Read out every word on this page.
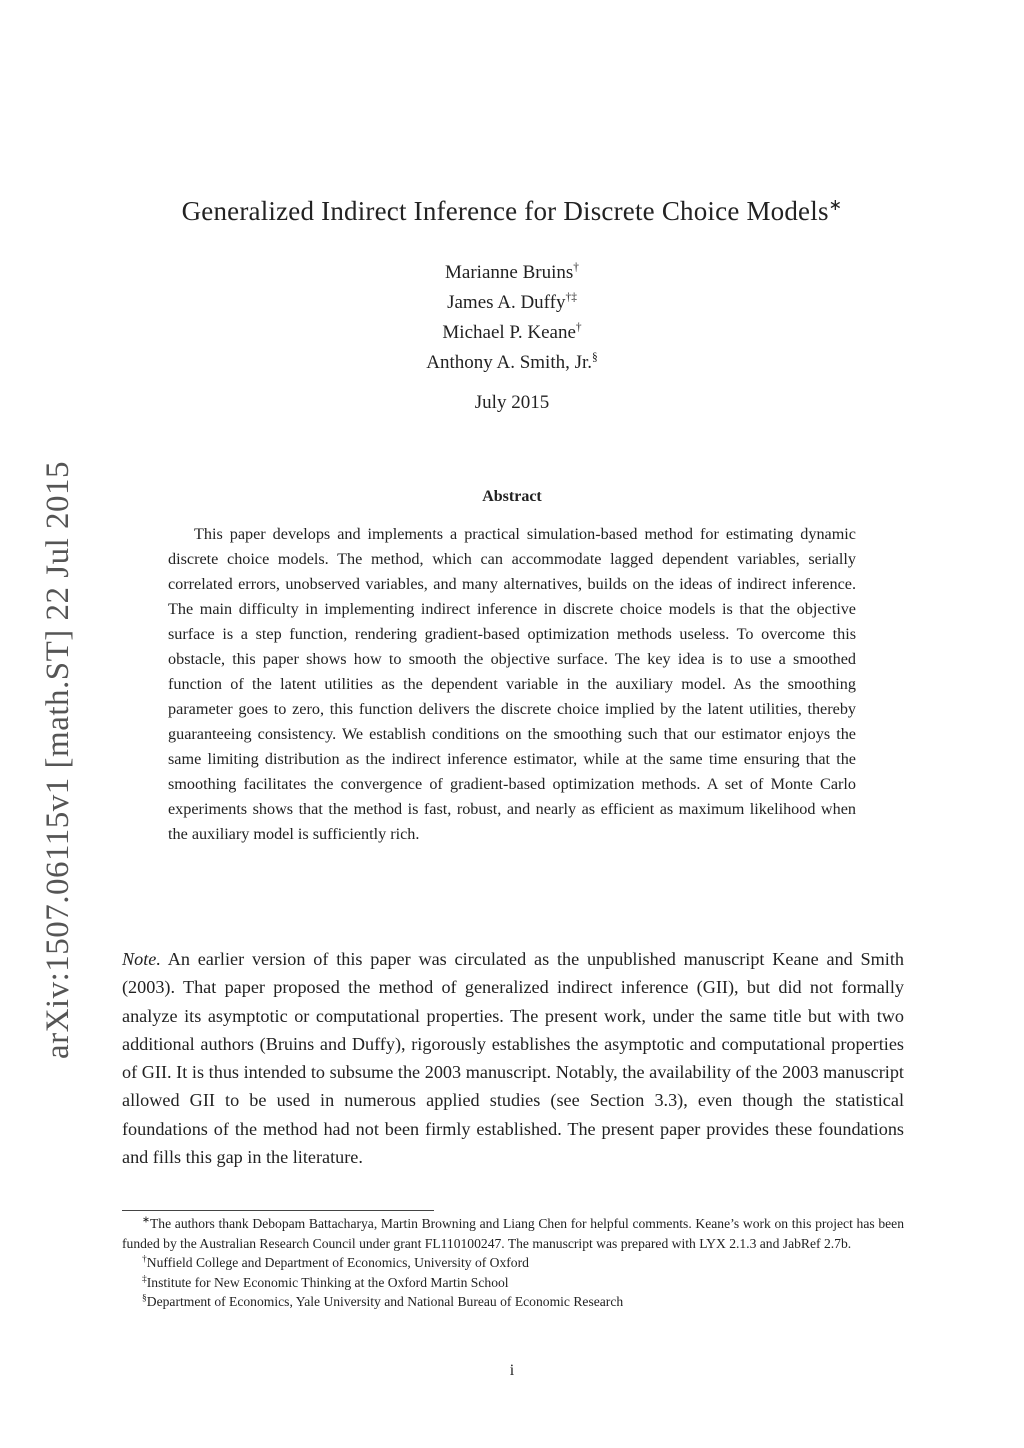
arXiv:1507.06115v1 [math.ST] 22 Jul 2015
Generalized Indirect Inference for Discrete Choice Models∗
Marianne Bruins†
James A. Duffy†‡
Michael P. Keane†
Anthony A. Smith, Jr.§
July 2015
Abstract

This paper develops and implements a practical simulation-based method for estimating dynamic discrete choice models. The method, which can accommodate lagged dependent variables, serially correlated errors, unobserved variables, and many alternatives, builds on the ideas of indirect inference. The main difficulty in implementing indirect inference in discrete choice models is that the objective surface is a step function, rendering gradient-based optimization methods useless. To overcome this obstacle, this paper shows how to smooth the objective surface. The key idea is to use a smoothed function of the latent utilities as the dependent variable in the auxiliary model. As the smoothing parameter goes to zero, this function delivers the discrete choice implied by the latent utilities, thereby guaranteeing consistency. We establish conditions on the smoothing such that our estimator enjoys the same limiting distribution as the indirect inference estimator, while at the same time ensuring that the smoothing facilitates the convergence of gradient-based optimization methods. A set of Monte Carlo experiments shows that the method is fast, robust, and nearly as efficient as maximum likelihood when the auxiliary model is sufficiently rich.

Note. An earlier version of this paper was circulated as the unpublished manuscript Keane and Smith (2003). That paper proposed the method of generalized indirect inference (GII), but did not formally analyze its asymptotic or computational properties. The present work, under the same title but with two additional authors (Bruins and Duffy), rigorously establishes the asymptotic and computational properties of GII. It is thus intended to subsume the 2003 manuscript. Notably, the availability of the 2003 manuscript allowed GII to be used in numerous applied studies (see Section 3.3), even though the statistical foundations of the method had not been firmly established. The present paper provides these foundations and fills this gap in the literature.

∗The authors thank Debopam Battacharya, Martin Browning and Liang Chen for helpful comments. Keane’s work on this project has been funded by the Australian Research Council under grant FL110100247. The manuscript was prepared with LYX 2.1.3 and JabRef 2.7b.

†Nuffield College and Department of Economics, University of Oxford

‡Institute for New Economic Thinking at the Oxford Martin School

§Department of Economics, Yale University and National Bureau of Economic Research

i
